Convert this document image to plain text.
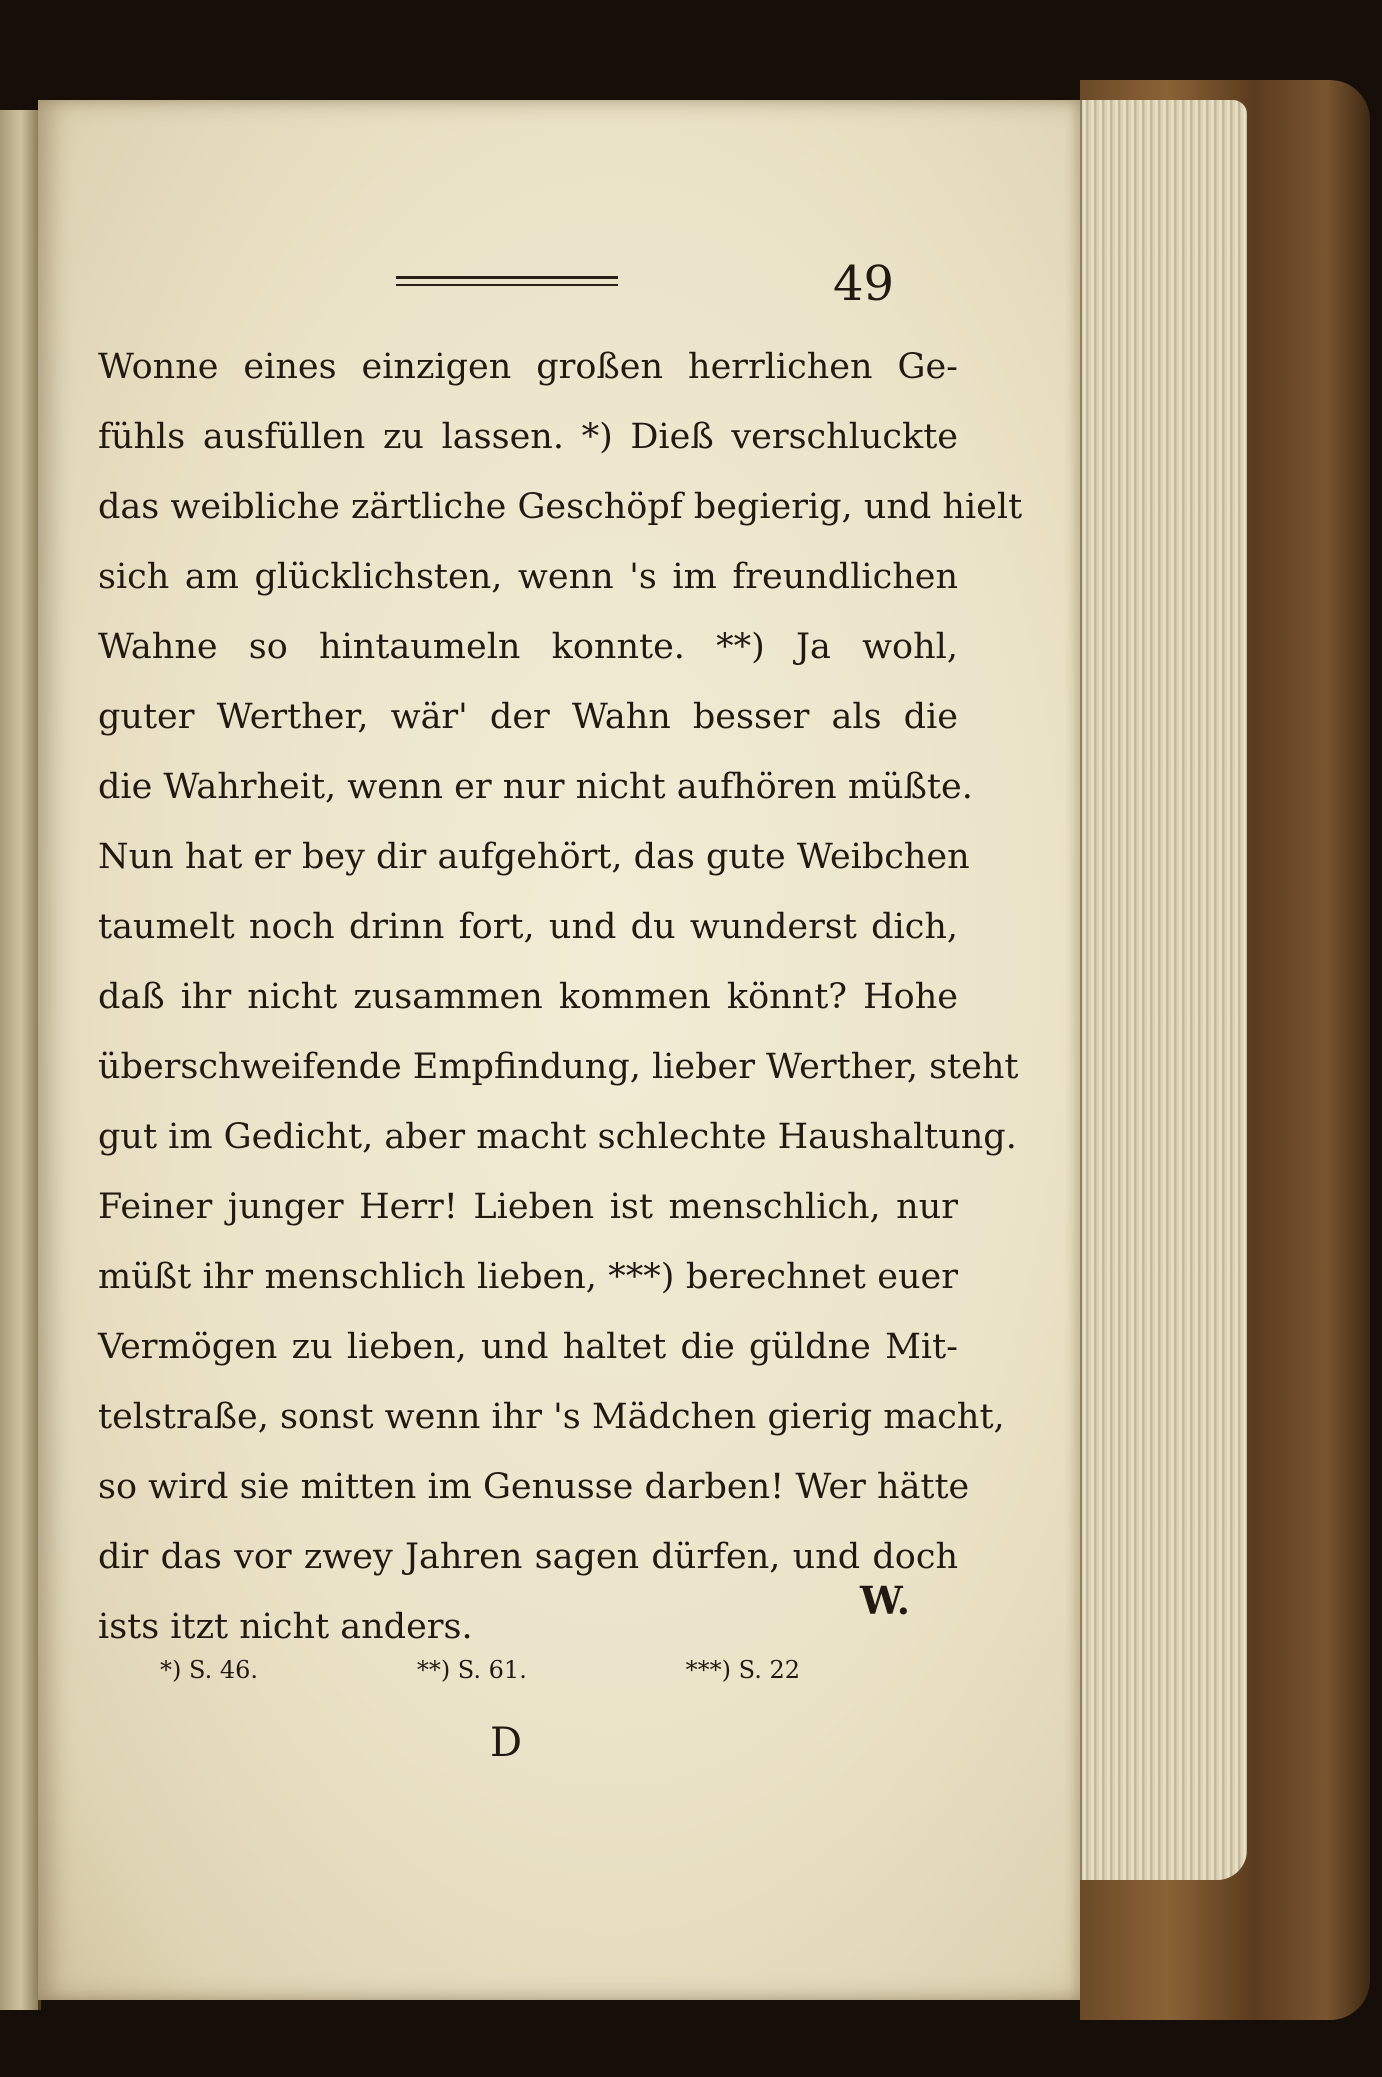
49
Wonne eines einzigen großen herrlichen Ge-
fühls ausfüllen zu lassen. *) Dieß verschluckte
das weibliche zärtliche Geschöpf begierig, und hielt
sich am glücklichsten, wenn 's im freundlichen
Wahne so hintaumeln konnte. **) Ja wohl,
guter Werther, wär' der Wahn besser als die
die Wahrheit, wenn er nur nicht aufhören müßte.
Nun hat er bey dir aufgehört, das gute Weibchen
taumelt noch drinn fort, und du wunderst dich,
daß ihr nicht zusammen kommen könnt? Hohe
überschweifende Empfindung, lieber Werther, steht
gut im Gedicht, aber macht schlechte Haushaltung.
Feiner junger Herr! Lieben ist menschlich, nur
müßt ihr menschlich lieben, ***) berechnet euer
Vermögen zu lieben, und haltet die güldne Mit-
telstraße, sonst wenn ihr 's Mädchen gierig macht,
so wird sie mitten im Genusse darben! Wer hätte
dir das vor zwey Jahren sagen dürfen, und doch
ists itzt nicht anders.
W.
*) S. 46.	**) S. 61.	***) S. 22
D
